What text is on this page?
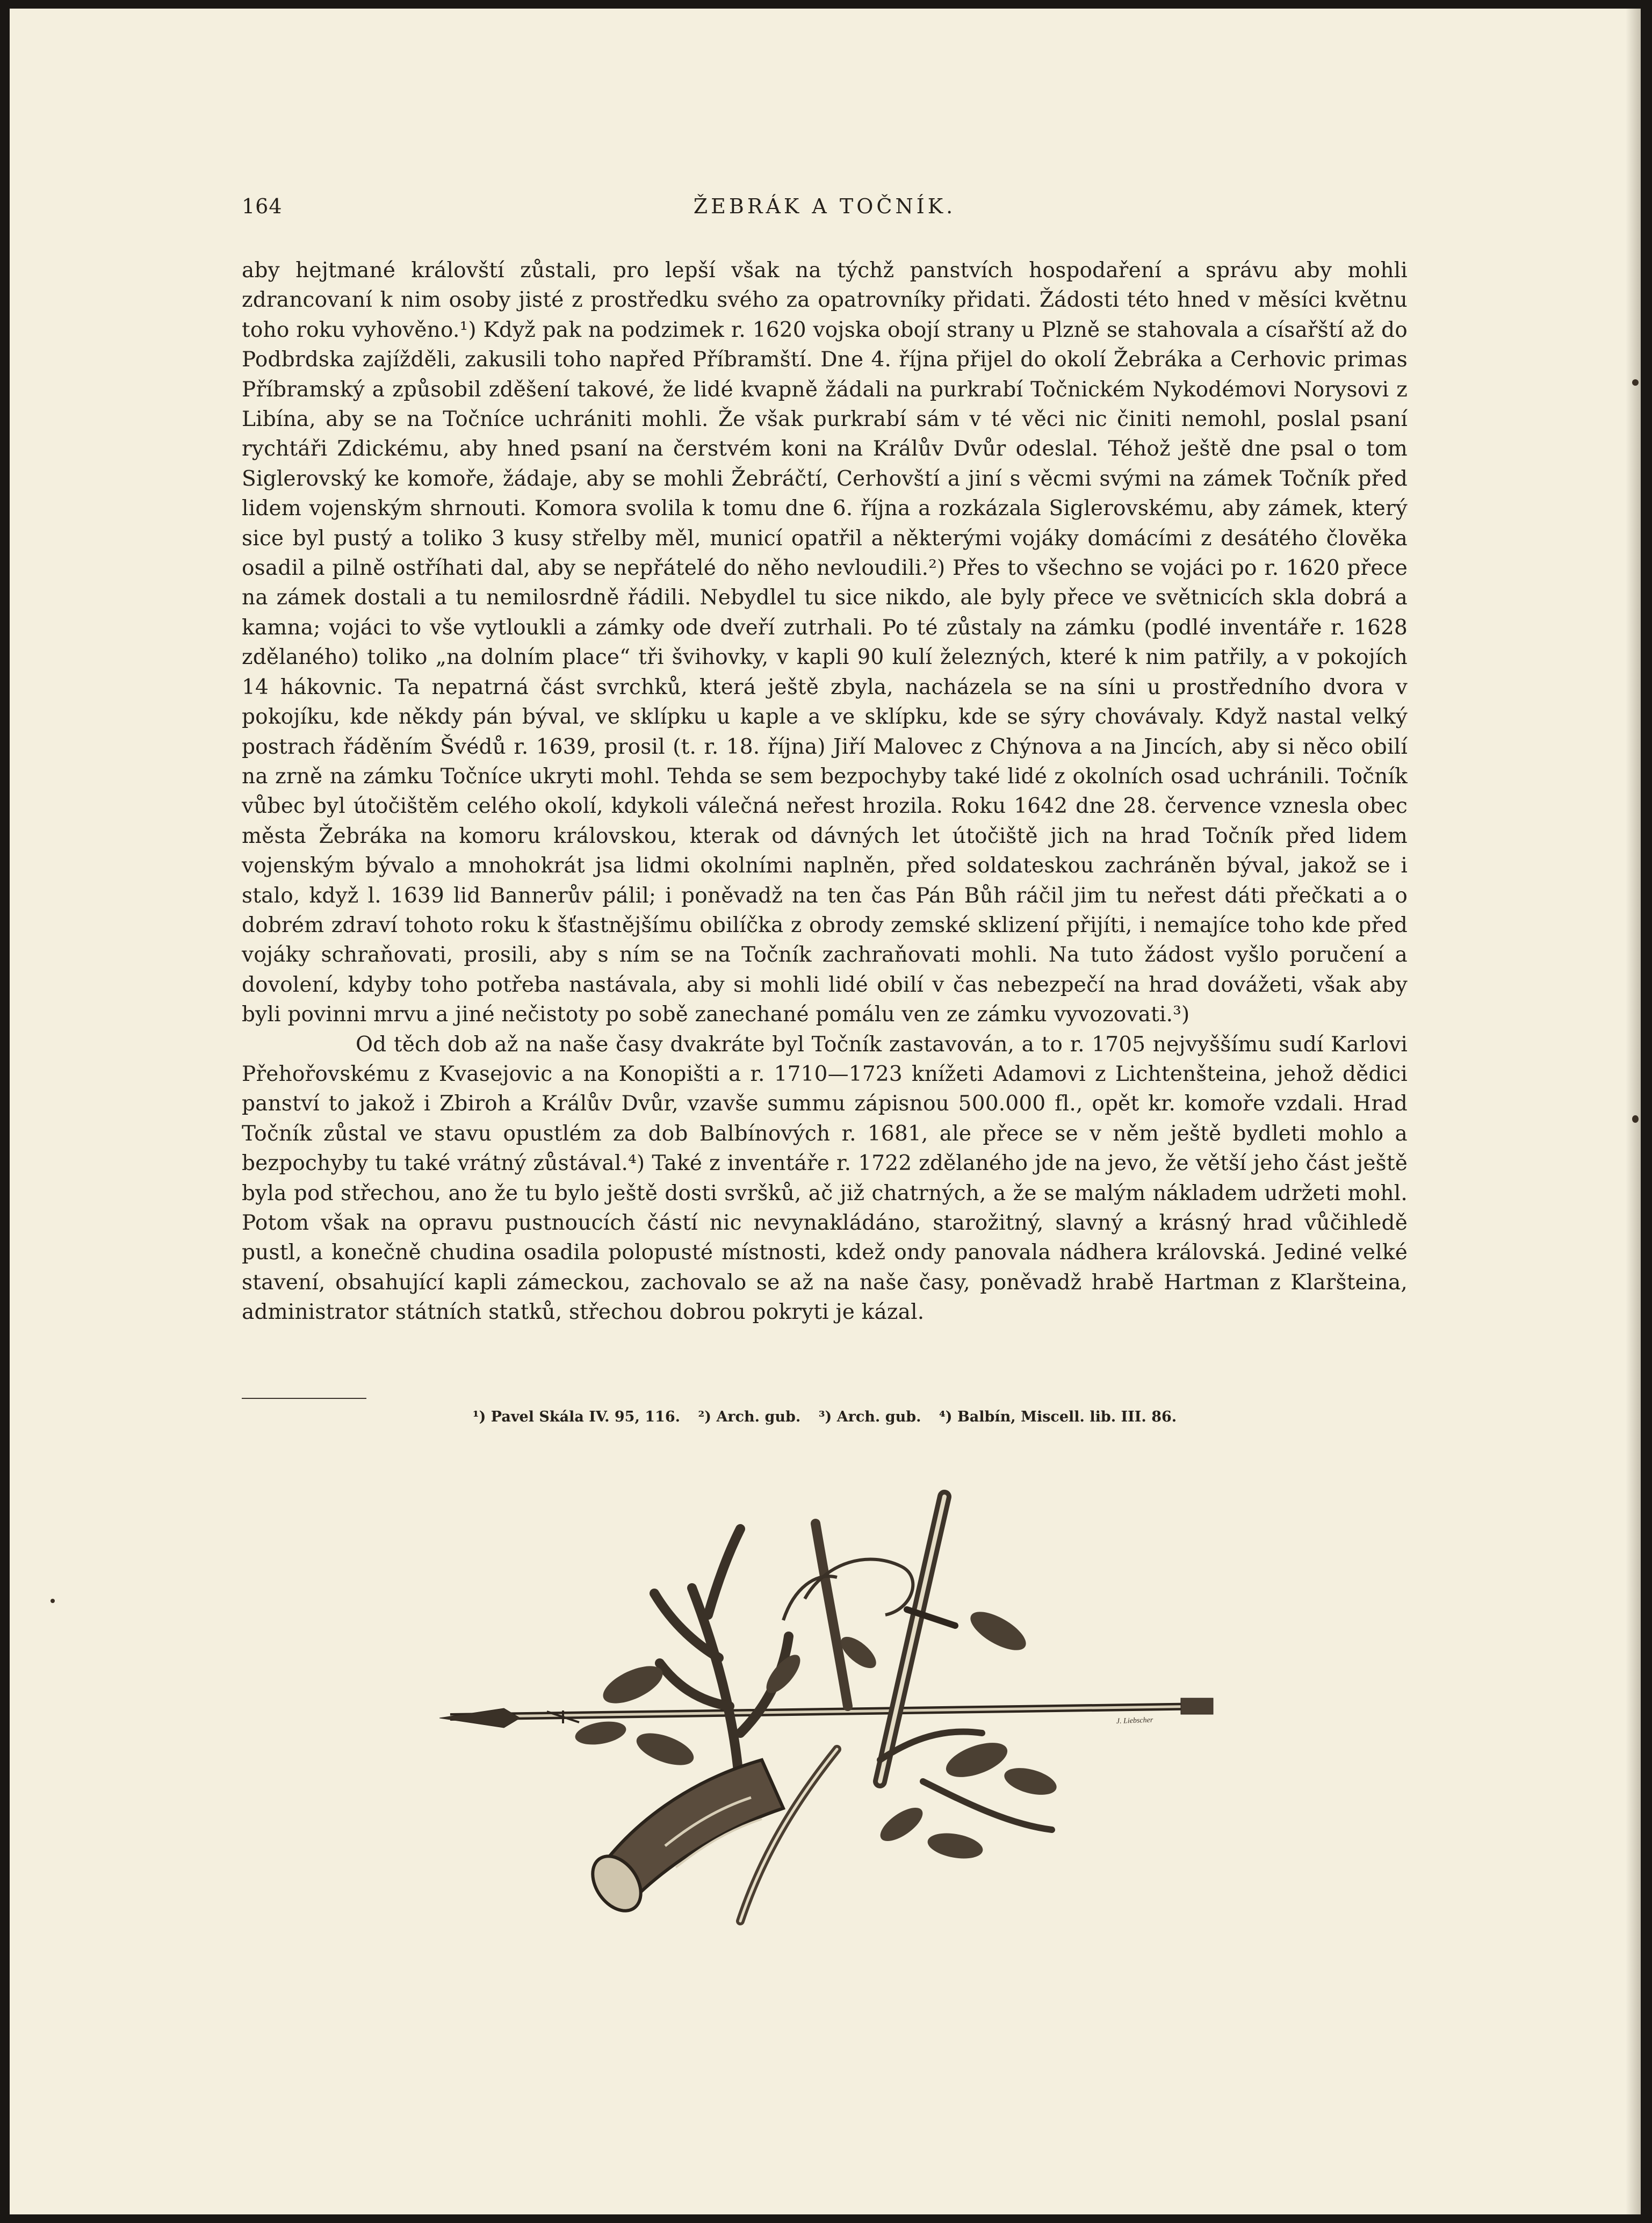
164	ŽEBRÁK A TOČNÍK.

aby hejtmané královští zůstali, pro lepší však na týchž panstvích hospodaření a správu aby mohli zdrancovaní k nim osoby jisté z prostředku svého za opatrovníky přidati. Žádosti této hned v měsíci květnu toho roku vyhověno.¹) Když pak na podzimek r. 1620 vojska obojí strany u Plzně se stahovala a císařští až do Podbrdska zajížděli, zakusili toho napřed Příbramští. Dne 4. října přijel do okolí Žebráka a Cerhovic primas Příbramský a způsobil zděšení takové, že lidé kvapně žádali na purkrabí Točnickém Nykodémovi Norysovi z Libína, aby se na Točníce uchrániti mohli. Že však purkrabí sám v té věci nic činiti nemohl, poslal psaní rychtáři Zdickému, aby hned psaní na čerstvém koni na Králův Dvůr odeslal. Téhož ještě dne psal o tom Siglerovský ke komoře, žádaje, aby se mohli Žebráčtí, Cerhovští a jiní s věcmi svými na zámek Točník před lidem vojenským shrnouti. Komora svolila k tomu dne 6. října a rozkázala Siglerovskému, aby zámek, který sice byl pustý a toliko 3 kusy střelby měl, municí opatřil a některými vojáky domácími z desátého člověka osadil a pilně ostříhati dal, aby se nepřátelé do něho nevloudili.²) Přes to všechno se vojáci po r. 1620 přece na zámek dostali a tu nemilosrdně řádili. Nebydlel tu sice nikdo, ale byly přece ve světnicích skla dobrá a kamna; vojáci to vše vytloukli a zámky ode dveří zutrhali. Po té zůstaly na zámku (podlé inventáře r. 1628 zdělaného) toliko „na dolním place“ tři švihovky, v kapli 90 kulí železných, které k nim patřily, a v pokojích 14 hákovnic. Ta nepatrná část svrchků, která ještě zbyla, nacházela se na síni u prostředního dvora v pokojíku, kde někdy pán býval, ve sklípku u kaple a ve sklípku, kde se sýry chovávaly. Když nastal velký postrach řáděním Švédů r. 1639, prosil (t. r. 18. října) Jiří Malovec z Chýnova a na Jincích, aby si něco obilí na zrně na zámku Točníce ukryti mohl. Tehda se sem bezpochyby také lidé z okolních osad uchránili. Točník vůbec byl útočištěm celého okolí, kdykoli válečná neřest hrozila. Roku 1642 dne 28. července vznesla obec města Žebráka na komoru královskou, kterak od dávných let útočiště jich na hrad Točník před lidem vojenským bývalo a mnohokrát jsa lidmi okolními naplněn, před soldateskou zachráněn býval, jakož se i stalo, když l. 1639 lid Bannerův pálil; i poněvadž na ten čas Pán Bůh ráčil jim tu neřest dáti přečkati a o dobrém zdraví tohoto roku k šťastnějšímu obilíčka z obrody zemské sklizení přijíti, i nemajíce toho kde před vojáky schraňovati, prosili, aby s ním se na Točník zachraňovati mohli. Na tuto žádost vyšlo poručení a dovolení, kdyby toho potřeba nastávala, aby si mohli lidé obilí v čas nebezpečí na hrad dovážeti, však aby byli povinni mrvu a jiné nečistoty po sobě zanechané pomálu ven ze zámku vyvozovati.³)

Od těch dob až na naše časy dvakráte byl Točník zastavován, a to r. 1705 nejvyššímu sudí Karlovi Přehořovskému z Kvasejovic a na Konopišti a r. 1710—1723 knížeti Adamovi z Lichtenšteina, jehož dědici panství to jakož i Zbiroh a Králův Dvůr, vzavše summu zápisnou 500.000 fl., opět kr. komoře vzdali. Hrad Točník zůstal ve stavu opustlém za dob Balbínových r. 1681, ale přece se v něm ještě bydleti mohlo a bezpochyby tu také vrátný zůstával.⁴) Také z inventáře r. 1722 zdělaného jde na jevo, že větší jeho část ještě byla pod střechou, ano že tu bylo ještě dosti svršků, ač již chatrných, a že se malým nákladem udržeti mohl. Potom však na opravu pustnoucích částí nic nevynakládáno, starožitný, slavný a krásný hrad vůčihledě pustl, a konečně chudina osadila polopusté místnosti, kdež ondy panovala nádhera královská. Jediné velké stavení, obsahující kapli zámeckou, zachovalo se až na naše časy, poněvadž hrabě Hartman z Klaršteina, administrator státních statků, střechou dobrou pokryti je kázal.

¹) Pavel Skála IV. 95, 116. ²) Arch. gub. ³) Arch. gub. ⁴) Balbín, Miscell. lib. III. 86.
J. Liebscher
